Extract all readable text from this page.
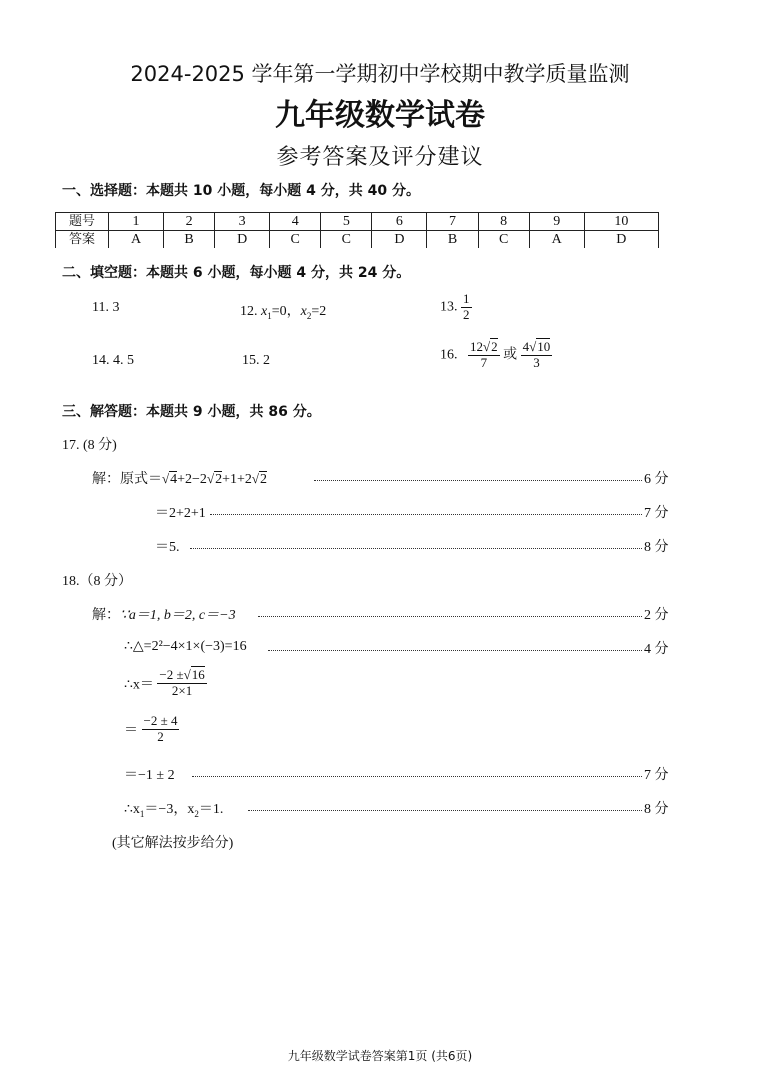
2024-2025 学年第一学期初中学校期中教学质量监测
九年级数学试卷
参考答案及评分建议
一、选择题：本题共 10 小题，每小题 4 分，共 40 分。
题号	1	2	3	4	5	6	7	8	9	10
答案	A	B	D	C	C	D	B	C	A	D
二、填空题：本题共 6 小题，每小题 4 分，共 24 分。
11. 3	12. $x_1=0$，$x_2=2$	13. $\frac{1}{2}$
14. 4. 5	15. 2	16. $\frac{12√2}{7}$ 或 $\frac{4√10}{3}$
三、解答题：本题共 9 小题，共 86 分。
17. (8 分)
解：原式＝√4+2−2√2+1+2√2	6 分
＝2+2+1	7 分
＝5.	8 分
18.（8 分）
解：∵a＝1, b＝2, c＝−3	2 分
∴△=2²−4×1×(−3)=16	4 分
∴x＝ $\frac{-2 \pm√16}{2\times 1}$
＝ $\frac{-2 \pm 4}{2}$
＝−1 ± 2	7 分
$\therefore x_1=-3$，$x_2=1$.	8 分
(其它解法按步给分)
九年级数学试卷答案第1页 (共6页)
